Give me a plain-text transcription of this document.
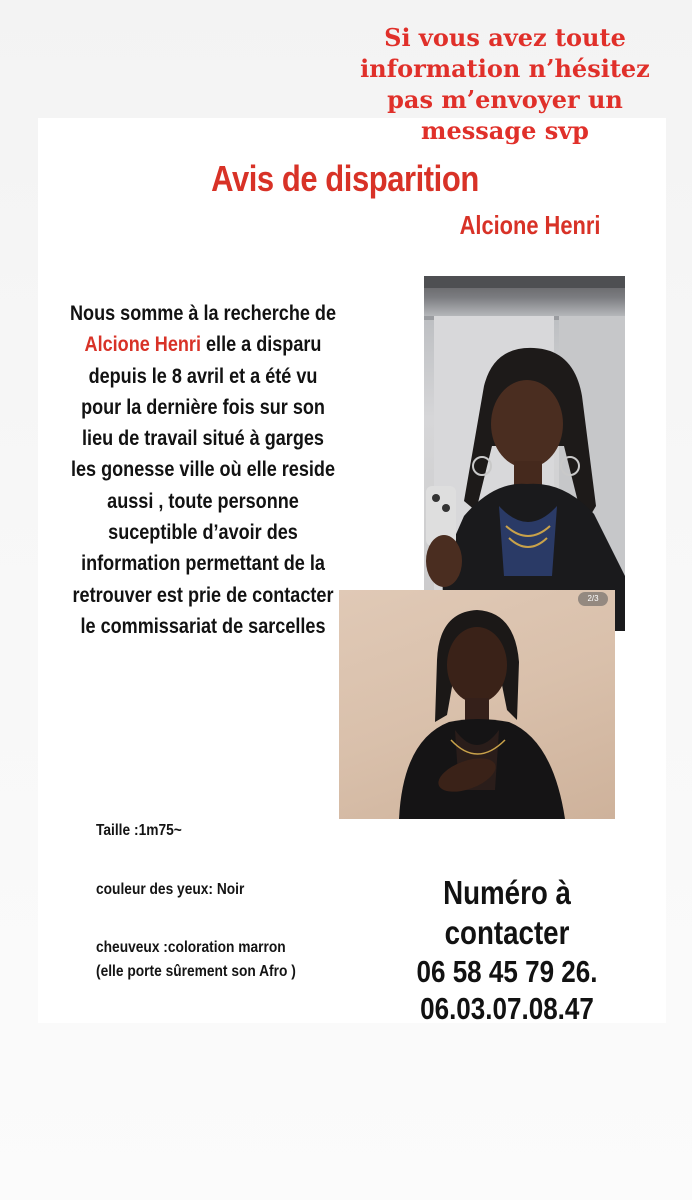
Si vous avez toute
information n’hésitez
pas m’envoyer un
message svp
Avis de disparition
Alcione Henri
Nous somme à la recherche de Alcione Henri elle a disparu depuis le 8 avril et a été vu pour la dernière fois sur son lieu de travail situé à garges les gonesse ville où elle reside aussi , toute personne suceptible d’avoir des information permettant de la retrouver est prie de contacter le commissariat de sarcelles
2/3
Taille :1m75~
couleur des yeux: Noir
cheuveux :coloration marron
(elle porte sûrement son Afro )
Numéro à contacter
06 58 45 79 26.
06.03.07.08.47
